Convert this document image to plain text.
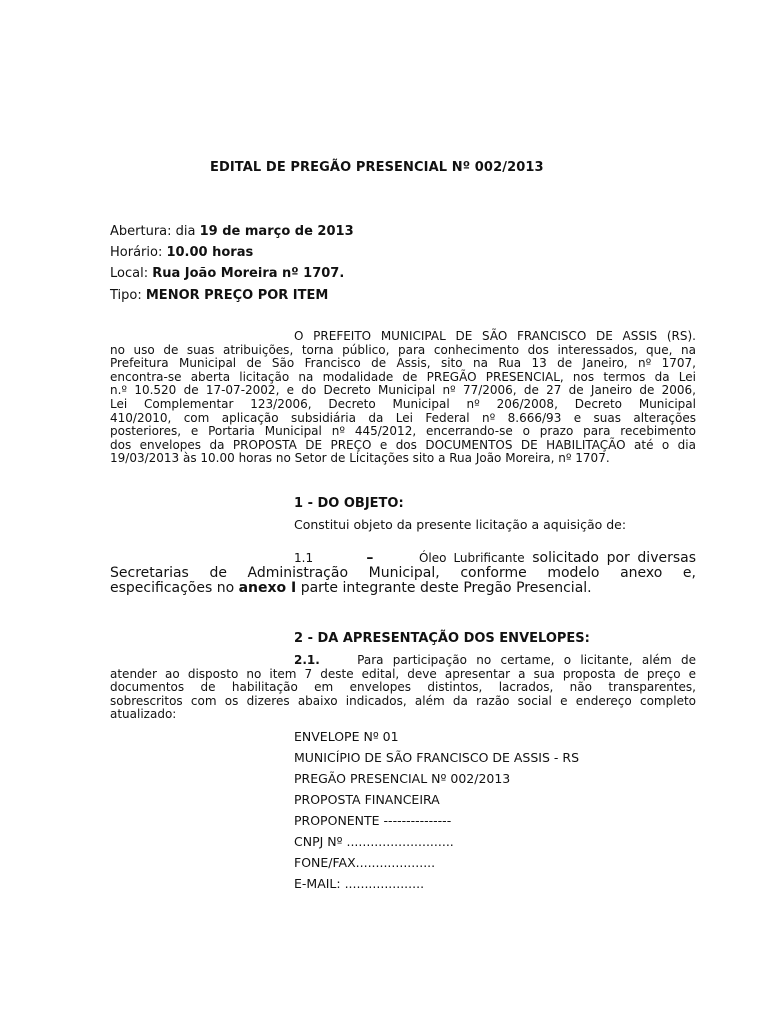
EDITAL DE PREGÃO PRESENCIAL Nº 002/2013
Abertura: dia 19 de março de 2013
Horário: 10.00 horas
Local: Rua João Moreira nº 1707.
Tipo: MENOR PREÇO POR ITEM
O PREFEITO MUNICIPAL DE SÃO FRANCISCO DE ASSIS (RS).
no uso de suas atribuições, torna público, para conhecimento dos interessados, que, na
Prefeitura Municipal de São Francisco de Assis, sito na Rua 13 de Janeiro, nº 1707,
encontra-se aberta licitação na modalidade de PREGÃO PRESENCIAL, nos termos da Lei
n.º 10.520 de 17-07-2002, e do Decreto Municipal nº 77/2006, de 27 de Janeiro de 2006,
Lei Complementar 123/2006, Decreto Municipal nº 206/2008, Decreto Municipal
410/2010, com aplicação subsidiária da Lei Federal nº 8.666/93 e suas alterações
posteriores, e Portaria Municipal nº 445/2012, encerrando-se o prazo para recebimento
dos envelopes da PROPOSTA DE PREÇO e dos DOCUMENTOS DE HABILITAÇÃO até o dia
19/03/2013 às 10.00 horas no Setor de Licitações sito a Rua João Moreira, nº 1707.
1 - DO OBJETO:
Constitui objeto da presente licitação a aquisição de:
1.1	–	Óleo Lubrificante solicitado por diversas
Secretarias de Administração Municipal, conforme modelo anexo e,
especificações no anexo I parte integrante deste Pregão Presencial.
2 - DA APRESENTAÇÃO DOS ENVELOPES:
2.1.	Para participação no certame, o licitante, além de
atender ao disposto no item 7 deste edital, deve apresentar a sua proposta de preço e
documentos de habilitação em envelopes distintos, lacrados, não transparentes,
sobrescritos com os dizeres abaixo indicados, além da razão social e endereço completo
atualizado:
ENVELOPE Nº 01
MUNICÍPIO DE SÃO FRANCISCO DE ASSIS - RS
PREGÃO PRESENCIAL Nº 002/2013
PROPOSTA FINANCEIRA
PROPONENTE ---------------
CNPJ Nº ...........................
FONE/FAX....................
E-MAIL: ....................
